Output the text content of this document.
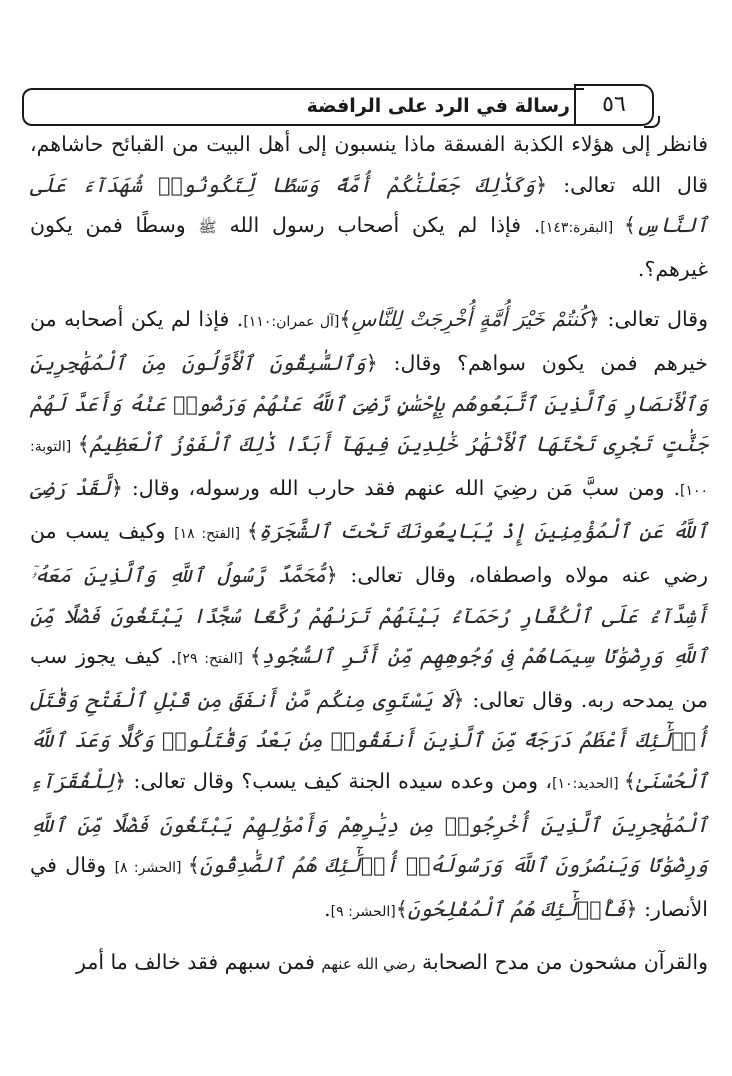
رسالة في الرد على الرافضة	٥٦

فانظر إلى هؤلاء الكذبة الفسقة ماذا ينسبون إلى أهل البيت من القبائح حاشاهم، قال الله تعالى: ﴿وَكَذَٰلِكَ جَعَلْنَٰكُمْ أُمَّةً وَسَطًا لِّتَكُونُوا۟ شُهَدَآءَ عَلَى ٱلنَّاسِ﴾ [البقرة:١٤٣]. فإذا لم يكن أصحاب رسول الله ﷺ وسطًا فمن يكون غيرهم؟.

وقال تعالى: ﴿كُنتُمْ خَيْرَ أُمَّةٍ أُخْرِجَتْ لِلنَّاسِ﴾[آل عمران:١١٠]. فإذا لم يكن أصحابه من خيرهم فمن يكون سواهم؟ وقال: ﴿وَٱلسَّٰبِقُونَ ٱلْأَوَّلُونَ مِنَ ٱلْمُهَٰجِرِينَ وَٱلْأَنصَارِ وَٱلَّذِينَ ٱتَّبَعُوهُم بِإِحْسَٰنٍ رَّضِىَ ٱللَّهُ عَنْهُمْ وَرَضُوا۟ عَنْهُ وَأَعَدَّ لَهُمْ جَنَّٰتٍ تَجْرِى تَحْتَهَا ٱلْأَنْهَٰرُ خَٰلِدِينَ فِيهَآ أَبَدًا ذَٰلِكَ ٱلْفَوْزُ ٱلْعَظِيمُ﴾ [التوبة: ١٠٠]. ومن سبَّ مَن رضِيَ الله عنهم فقد حارب الله ورسوله، وقال: ﴿لَّقَدْ رَضِىَ ٱللَّهُ عَنِ ٱلْمُؤْمِنِينَ إِذْ يُبَايِعُونَكَ تَحْتَ ٱلشَّجَرَةِ﴾ [الفتح: ١٨] وكيف يسب من رضي عنه مولاه واصطفاه، وقال تعالى: ﴿مُّحَمَّدٌ رَّسُولُ ٱللَّهِ وَٱلَّذِينَ مَعَهُۥٓ أَشِدَّآءُ عَلَى ٱلْكُفَّارِ رُحَمَآءُ بَيْنَهُمْ تَرَىٰهُمْ رُكَّعًا سُجَّدًا يَبْتَغُونَ فَضْلًا مِّنَ ٱللَّهِ وَرِضْوَٰنًا سِيمَاهُمْ فِى وُجُوهِهِم مِّنْ أَثَرِ ٱلسُّجُودِ﴾ [الفتح: ٢٩]. كيف يجوز سب من يمدحه ربه. وقال تعالى: ﴿لَا يَسْتَوِى مِنكُم مَّنْ أَنفَقَ مِن قَبْلِ ٱلْفَتْحِ وَقَٰتَلَ أُو۟لَٰٓئِكَ أَعْظَمُ دَرَجَةً مِّنَ ٱلَّذِينَ أَنفَقُوا۟ مِنۢ بَعْدُ وَقَٰتَلُوا۟ وَكُلًّا وَعَدَ ٱللَّهُ ٱلْحُسْنَىٰ﴾ [الحديد:١٠]، ومن وعده سيده الجنة كيف يسب؟ وقال تعالى: ﴿لِلْفُقَرَآءِ ٱلْمُهَٰجِرِينَ ٱلَّذِينَ أُخْرِجُوا۟ مِن دِيَٰرِهِمْ وَأَمْوَٰلِهِمْ يَبْتَغُونَ فَضْلًا مِّنَ ٱللَّهِ وَرِضْوَٰنًا وَيَنصُرُونَ ٱللَّهَ وَرَسُولَهُۥٓ أُو۟لَٰٓئِكَ هُمُ ٱلصَّٰدِقُونَ﴾ [الحشر: ٨] وقال في الأنصار: ﴿فَأُو۟لَٰٓئِكَ هُمُ ٱلْمُفْلِحُونَ﴾[الحشر: ٩].

والقرآن مشحون من مدح الصحابة رضي الله عنهم فمن سبهم فقد خالف ما أمر
